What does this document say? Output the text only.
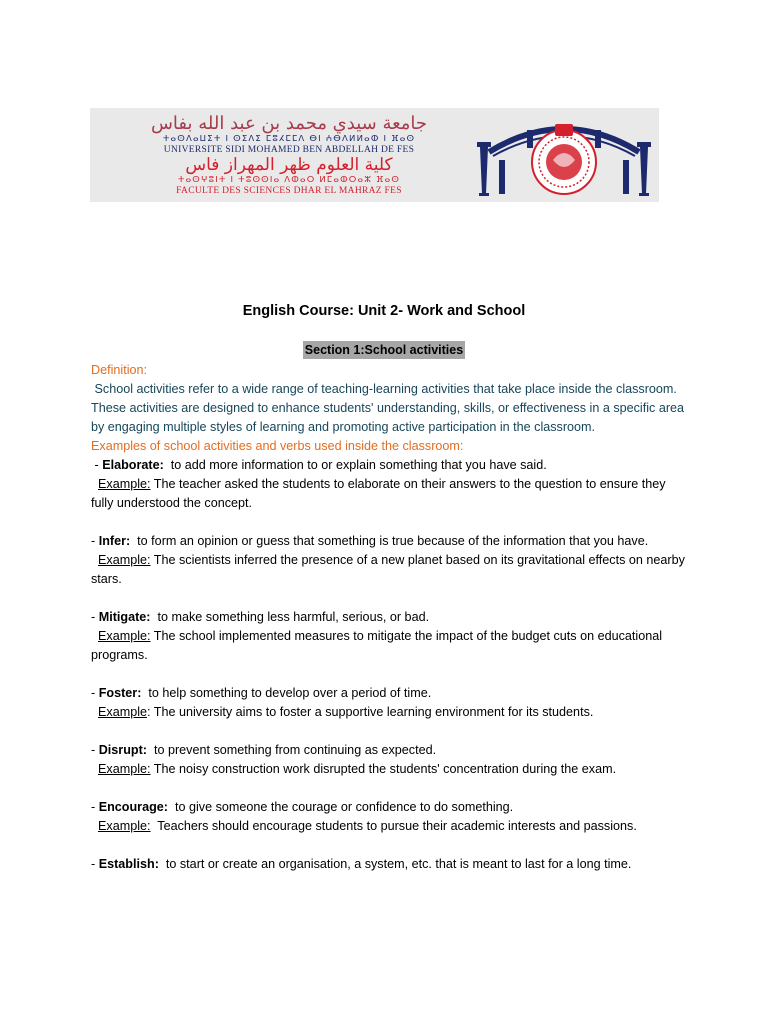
جامعة سيدي محمد بن عبد الله بفاس
ⵜⴰⵙⴷⴰⵡⵉⵜ ⵏ ⵙⵉⴷⵉ ⵎⵓⵃⵎⵎⴷ ⴱⵏ ⵄⴱⴷⵍⵍⴰⵀ ⵏ ⴼⴰⵙ
UNIVERSITE SIDI MOHAMED BEN ABDELLAH DE FES
كلية العلوم ظهر المهراز فاس
ⵜⴰⵙⵖⵓⵏⵜ ⵏ ⵜⵓⵙⵙⵏⴰ ⴷⵀⴰⵔ ⵍⵎⴰⵀⵔⴰⵣ ⴼⴰⵙ
FACULTE DES SCIENCES DHAR EL MAHRAZ FES
English Course: Unit 2- Work and School
Section 1:School activities

Definition:

School activities refer to a wide range of teaching-learning activities that take place inside the classroom. These activities are designed to enhance students' understanding, skills, or effectiveness in a specific area by engaging multiple styles of learning and promoting active participation in the classroom.

Examples of school activities and verbs used inside the classroom:

- Elaborate:  to add more information to or explain something that you have said.

Example: The teacher asked the students to elaborate on their answers to the question to ensure they fully understood the concept.

- Infer:  to form an opinion or guess that something is true because of the information that you have.

Example: The scientists inferred the presence of a new planet based on its gravitational effects on nearby stars.

- Mitigate:  to make something less harmful, serious, or bad.

Example: The school implemented measures to mitigate the impact of the budget cuts on educational programs.

- Foster:  to help something to develop over a period of time.

Example: The university aims to foster a supportive learning environment for its students.

- Disrupt:  to prevent something from continuing as expected.

Example: The noisy construction work disrupted the students' concentration during the exam.

- Encourage:  to give someone the courage or confidence to do something.

Example:  Teachers should encourage students to pursue their academic interests and passions.

- Establish:  to start or create an organisation, a system, etc. that is meant to last for a long time.
